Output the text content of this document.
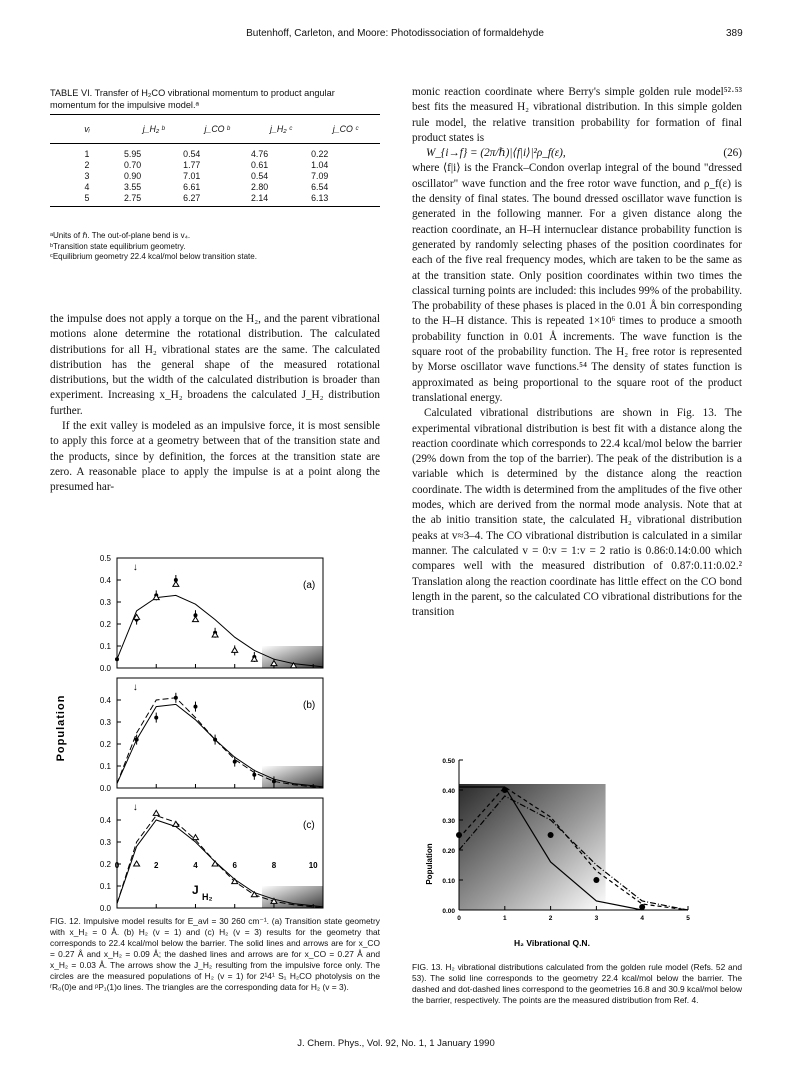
Butenhoff, Carleton, and Moore: Photodissociation of formaldehyde	389
TABLE VI. Transfer of H₂CO vibrational momentum to product angular momentum for the impulsive model.ᵃ
vᵢ	j_H₂ ᵇ	j_CO ᵇ	j_H₂ ᶜ	j_CO ᶜ
1	5.95	0.54	4.76	0.22
2	0.70	1.77	0.61	1.04
3	0.90	7.01	0.54	7.09
4	3.55	6.61	2.80	6.54
5	2.75	6.27	2.14	6.13
ᵃUnits of ℏ. The out-of-plane bend is v₄.
ᵇTransition state equilibrium geometry.
ᶜEquilibrium geometry 22.4 kcal/mol below transition state.

the impulse does not apply a torque on the H₂, and the parent vibrational motions alone determine the rotational distribution. The calculated distributions for all H₂ vibrational states are the same. The calculated distribution has the general shape of the measured rotational distributions, but the width of the calculated distribution is broader than experiment. Increasing x_H₂ broadens the calculated J_H₂ distribution further.

If the exit valley is modeled as an impulsive force, it is most sensible to apply this force at a geometry between that of the transition state and the products, since by definition, the forces at the transition state are zero. A reasonable place to apply the impulse is at a point along the presumed har-

monic reaction coordinate where Berry's simple golden rule model⁵²·⁵³ best fits the measured H₂ vibrational distribution. In this simple golden rule model, the relative transition probability for formation of final product states is

W_{i→f} = (2π/ℏ)|⟨f|i⟩|²ρ_f(ε),	(26)

where ⟨f|i⟩ is the Franck–Condon overlap integral of the bound "dressed oscillator" wave function and the free rotor wave function, and ρ_f(ε) is the density of final states. The bound dressed oscillator wave function is generated in the following manner. For a given distance along the reaction coordinate, an H–H internuclear distance probability function is generated by randomly selecting phases of the position coordinates for each of the five real frequency modes, which are taken to be the same as at the transition state. Only position coordinates within two times the classical turning points are included: this includes 99% of the probability. The probability of these phases is placed in the 0.01 Å bin corresponding to the H–H distance. This is repeated 1×10⁶ times to produce a smooth probability function in 0.01 Å increments. The wave function is the square root of the probability function. The H₂ free rotor is represented by Morse oscillator wave functions.⁵⁴ The density of states function is approximated as being proportional to the square root of the product translational energy.

Calculated vibrational distributions are shown in Fig. 13. The experimental vibrational distribution is best fit with a distance along the reaction coordinate which corresponds to 22.4 kcal/mol below the barrier (29% down from the top of the barrier). The peak of the distribution is a variable which is determined by the distance along the reaction coordinate. The width is determined from the amplitudes of the five other modes, which are derived from the normal mode analysis. Note that at the ab initio transition state, the calculated H₂ vibrational distribution peaks at v≈3–4. The CO vibrational distribution is calculated in a similar manner. The calculated v = 0:v = 1:v = 2 ratio is 0.86:0.14:0.00 which compares well with the measured distribution of 0.87:0.11:0.02.² Translation along the reaction coordinate has little effect on the CO bond length in the parent, so the calculated CO vibrational distributions for the transition

0.0
0.1
0.2
0.3
0.4
0.5
(a)
↓
0.1
0.2
0.3
0.4
0.0
(b)
↓
0.1
0.2
0.3
0.4
0.0
(c)
↓
0	2	4	6	8	10
Population
J H₂
FIG. 12. Impulsive model results for E_avl = 30 260 cm⁻¹. (a) Transition state geometry with x_H₂ = 0 Å. (b) H₂ (v = 1) and (c) H₂ (v = 3) results for the geometry that corresponds to 22.4 kcal/mol below the barrier. The solid lines and arrows are for x_CO = 0.27 Å and x_H₂ = 0.09 Å; the dashed lines and arrows are for x_CO = 0.27 Å and x_H₂ = 0.03 Å. The arrows show the J_H₂ resulting from the impulsive force only. The circles are the measured populations of H₂ (v = 1) for 2¹4¹ S₁ H₂CO photolysis on the ʳR₀(0)e and ᵖP₁(1)o lines. The triangles are the corresponding data for H₂ (v = 3).
0.00
0.10
0.20
0.30
0.40
0.50
0	1	2	3	4	5
Population
H₂ Vibrational Q.N.
FIG. 13. H₂ vibrational distributions calculated from the golden rule model (Refs. 52 and 53). The solid line corresponds to the geometry 22.4 kcal/mol below the barrier. The dashed and dot-dashed lines correspond to the geometries 16.8 and 30.9 kcal/mol below the barrier, respectively. The points are the measured distribution from Ref. 4.
J. Chem. Phys., Vol. 92, No. 1, 1 January 1990
